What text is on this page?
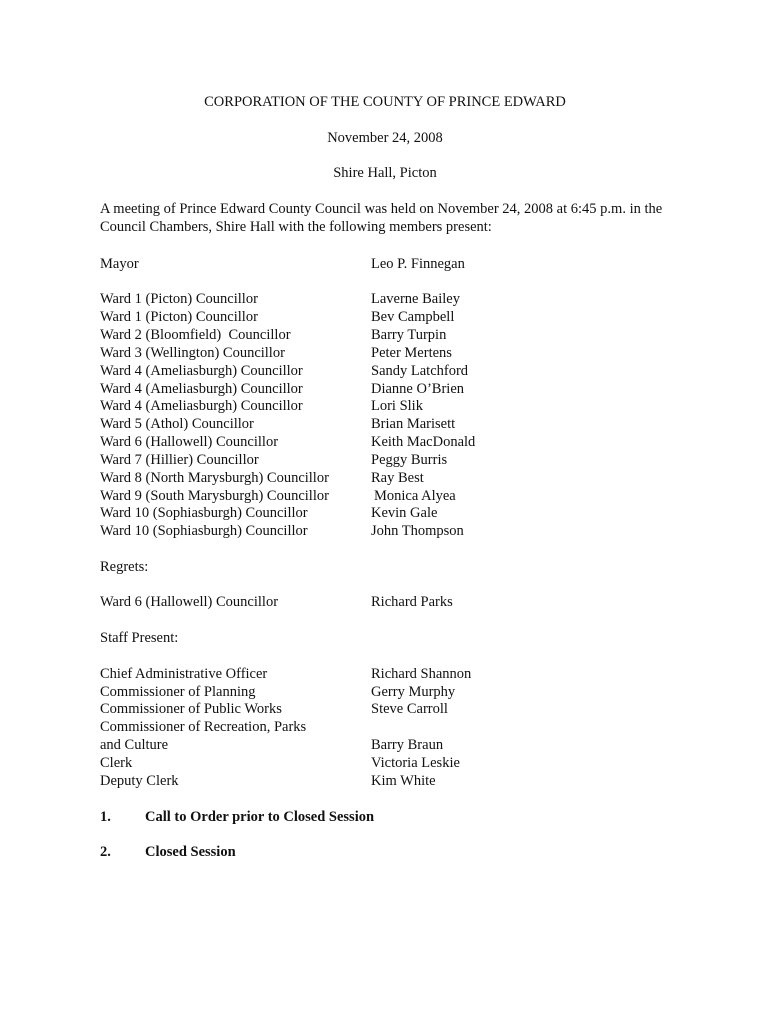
CORPORATION OF THE COUNTY OF PRINCE EDWARD
November 24, 2008
Shire Hall, Picton
A meeting of Prince Edward County Council was held on November 24, 2008 at 6:45 p.m. in the Council Chambers, Shire Hall with the following members present:
Mayor	Leo P. Finnegan
Ward 1 (Picton) Councillor	Laverne Bailey
Ward 1 (Picton) Councillor	Bev Campbell
Ward 2 (Bloomfield)  Councillor	Barry Turpin
Ward 3 (Wellington) Councillor	Peter Mertens
Ward 4 (Ameliasburgh) Councillor	Sandy Latchford
Ward 4 (Ameliasburgh) Councillor	Dianne O’Brien
Ward 4 (Ameliasburgh) Councillor	Lori Slik
Ward 5 (Athol) Councillor	Brian Marisett
Ward 6 (Hallowell) Councillor	Keith MacDonald
Ward 7 (Hillier) Councillor	Peggy Burris
Ward 8 (North Marysburgh) Councillor	Ray Best
Ward 9 (South Marysburgh) Councillor	Monica Alyea
Ward 10 (Sophiasburgh) Councillor	Kevin Gale
Ward 10 (Sophiasburgh) Councillor	John Thompson
Regrets:
Ward 6 (Hallowell) Councillor	Richard Parks
Staff Present:
Chief Administrative Officer	Richard Shannon
Commissioner of Planning	Gerry Murphy
Commissioner of Public Works	Steve Carroll
Commissioner of Recreation, Parks
and Culture	Barry Braun
Clerk	Victoria Leskie
Deputy Clerk	Kim White
1. Call to Order prior to Closed Session
2. Closed Session
